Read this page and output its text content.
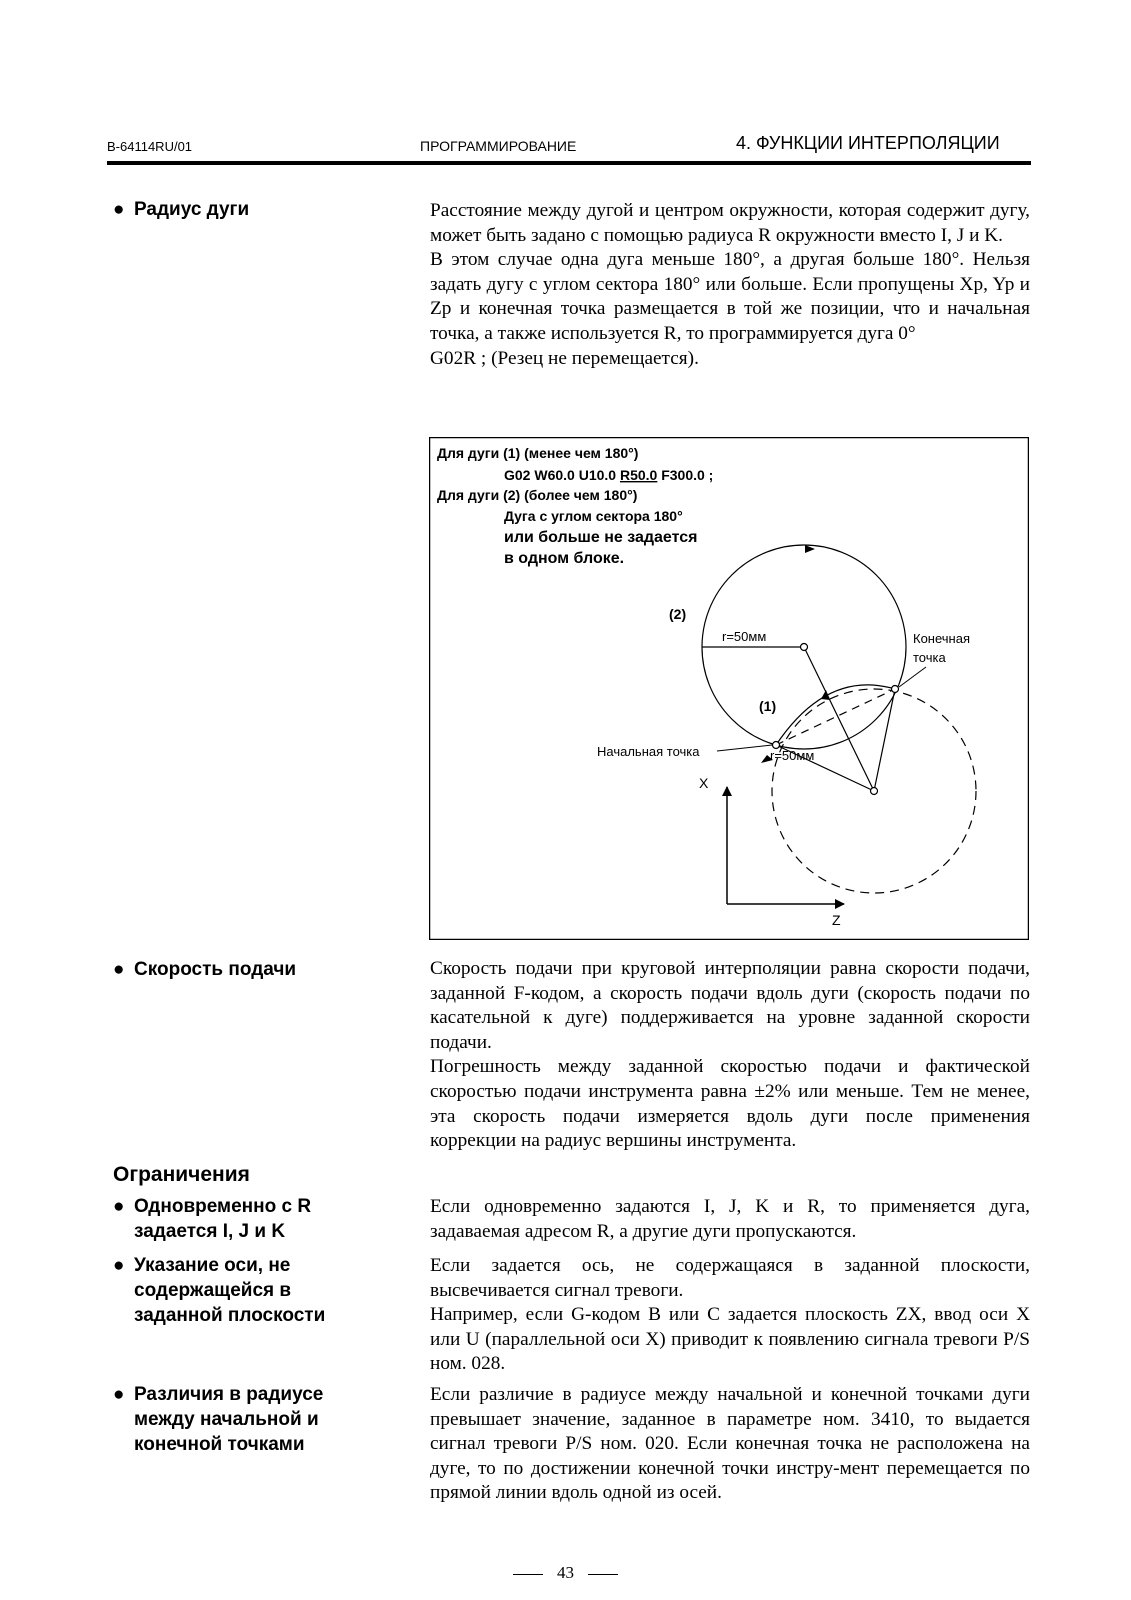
B-64114RU/01	ПРОГРАММИРОВАНИЕ	4. ФУНКЦИИ ИНТЕРПОЛЯЦИИ
● Радиус дуги	Расстояние между дугой и центром окружности, которая содержит дугу, может быть задано с помощью радиуса R окружности вместо I, J и K.
В этом случае одна дуга меньше 180°, а другая больше 180°. Нельзя задать дугу с углом сектора 180° или больше. Если пропущены Xp, Yp и Zp и конечная точка размещается в той же позиции, что и начальная точка, а также используется R, то программируется дуга 0°
G02R ; (Резец не перемещается).
Для дуги (1) (менее чем 180°)
G02 W60.0 U10.0 R50.0 F300.0 ;
Для дуги (2) (более чем 180°)
Дуга с углом сектора 180°
или больше не задается
в одном блоке.
(2)
(1)
r=50мм
r=50мм
Конечная
точка
Начальная точка
X
Z
● Скорость подачи	Скорость подачи при круговой интерполяции равна скорости подачи, заданной F-кодом, а скорость подачи вдоль дуги (скорость подачи по касательной к дуге) поддерживается на уровне заданной скорости подачи.
Погрешность между заданной скоростью подачи и фактической скоростью подачи инструмента равна ±2% или меньше. Тем не менее, эта скорость подачи измеряется вдоль дуги после применения коррекции на радиус вершины инструмента.
Ограничения
● Одновременно с R
задается I, J и K
Если одновременно задаются I, J, K и R, то применяется дуга, задаваемая адресом R, а другие дуги пропускаются.
● Указание оси, не
содержащейся в
заданной плоскости
Если задается ось, не содержащаяся в заданной плоскости, высвечивается сигнал тревоги.
Например, если G-кодом B или C задается плоскость ZX, ввод оси X или U (параллельной оси X) приводит к появлению сигнала тревоги P/S ном. 028.
● Различия в радиусе
между начальной и
конечной точками
Если различие в радиусе между начальной и конечной точками дуги превышает значение, заданное в параметре ном. 3410, то выдается сигнал тревоги P/S ном. 020. Если конечная точка не расположена на дуге, то по достижении конечной точки инстру-мент перемещается по прямой линии вдоль одной из осей.
43
